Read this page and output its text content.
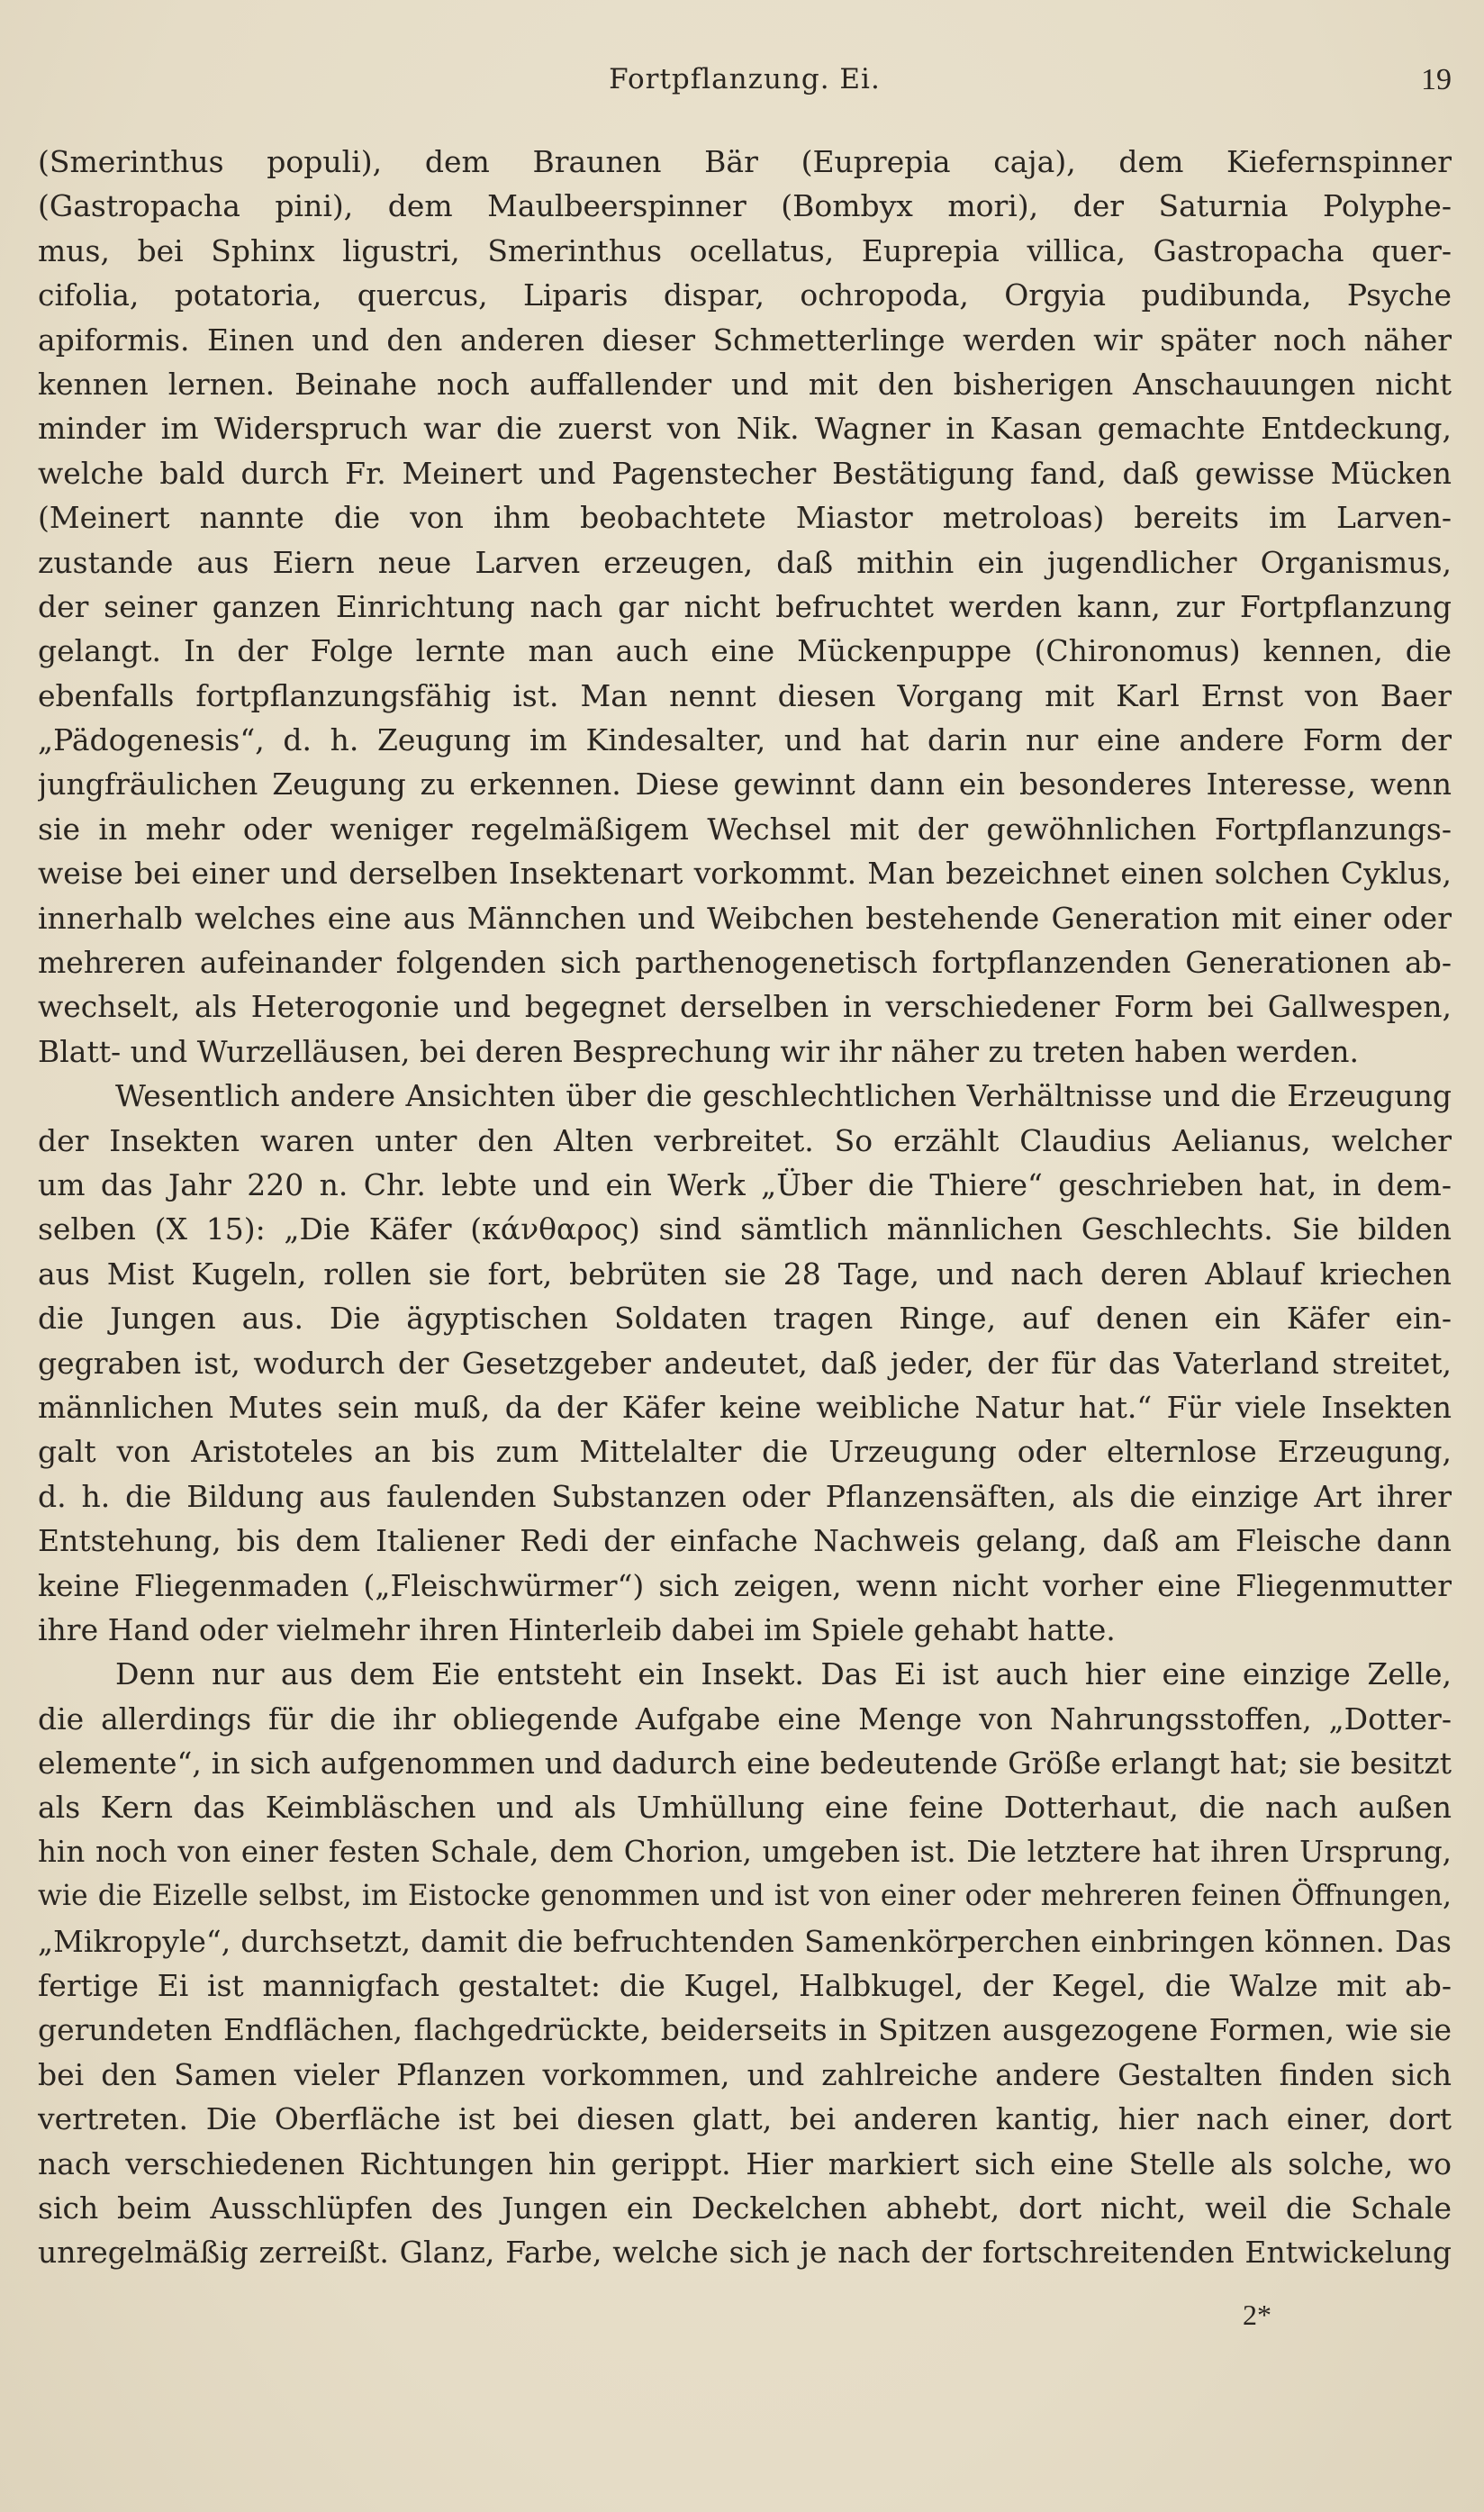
Fortpflanzung. Ei.	19
(Smerinthus populi), dem Braunen Bär (Euprepia caja), dem Kiefernspinner
(Gastropacha pini), dem Maulbeerspinner (Bombyx mori), der Saturnia Polyphe-
mus, bei Sphinx ligustri, Smerinthus ocellatus, Euprepia villica, Gastropacha quer-
cifolia, potatoria, quercus, Liparis dispar, ochropoda, Orgyia pudibunda, Psyche
apiformis. Einen und den anderen dieser Schmetterlinge werden wir später noch näher
kennen lernen. Beinahe noch auffallender und mit den bisherigen Anschauungen nicht
minder im Widerspruch war die zuerst von Nik. Wagner in Kasan gemachte Entdeckung,
welche bald durch Fr. Meinert und Pagenstecher Bestätigung fand, daß gewisse Mücken
(Meinert nannte die von ihm beobachtete Miastor metroloas) bereits im Larven-
zustande aus Eiern neue Larven erzeugen, daß mithin ein jugendlicher Organismus,
der seiner ganzen Einrichtung nach gar nicht befruchtet werden kann, zur Fortpflanzung
gelangt. In der Folge lernte man auch eine Mückenpuppe (Chironomus) kennen, die
ebenfalls fortpflanzungsfähig ist. Man nennt diesen Vorgang mit Karl Ernst von Baer
„Pädogenesis“, d. h. Zeugung im Kindesalter, und hat darin nur eine andere Form der
jungfräulichen Zeugung zu erkennen. Diese gewinnt dann ein besonderes Interesse, wenn
sie in mehr oder weniger regelmäßigem Wechsel mit der gewöhnlichen Fortpflanzungs-
weise bei einer und derselben Insektenart vorkommt. Man bezeichnet einen solchen Cyklus,
innerhalb welches eine aus Männchen und Weibchen bestehende Generation mit einer oder
mehreren aufeinander folgenden sich parthenogenetisch fortpflanzenden Generationen ab-
wechselt, als Heterogonie und begegnet derselben in verschiedener Form bei Gallwespen,
Blatt- und Wurzelläusen, bei deren Besprechung wir ihr näher zu treten haben werden.
Wesentlich andere Ansichten über die geschlechtlichen Verhältnisse und die Erzeugung
der Insekten waren unter den Alten verbreitet. So erzählt Claudius Aelianus, welcher
um das Jahr 220 n. Chr. lebte und ein Werk „Über die Thiere“ geschrieben hat, in dem-
selben (X 15): „Die Käfer (κάνθαρος) sind sämtlich männlichen Geschlechts. Sie bilden
aus Mist Kugeln, rollen sie fort, bebrüten sie 28 Tage, und nach deren Ablauf kriechen
die Jungen aus. Die ägyptischen Soldaten tragen Ringe, auf denen ein Käfer ein-
gegraben ist, wodurch der Gesetzgeber andeutet, daß jeder, der für das Vaterland streitet,
männlichen Mutes sein muß, da der Käfer keine weibliche Natur hat.“ Für viele Insekten
galt von Aristoteles an bis zum Mittelalter die Urzeugung oder elternlose Erzeugung,
d. h. die Bildung aus faulenden Substanzen oder Pflanzensäften, als die einzige Art ihrer
Entstehung, bis dem Italiener Redi der einfache Nachweis gelang, daß am Fleische dann
keine Fliegenmaden („Fleischwürmer“) sich zeigen, wenn nicht vorher eine Fliegenmutter
ihre Hand oder vielmehr ihren Hinterleib dabei im Spiele gehabt hatte.
Denn nur aus dem Eie entsteht ein Insekt. Das Ei ist auch hier eine einzige Zelle,
die allerdings für die ihr obliegende Aufgabe eine Menge von Nahrungsstoffen, „Dotter-
elemente“, in sich aufgenommen und dadurch eine bedeutende Größe erlangt hat; sie besitzt
als Kern das Keimbläschen und als Umhüllung eine feine Dotterhaut, die nach außen
hin noch von einer festen Schale, dem Chorion, umgeben ist. Die letztere hat ihren Ursprung,
wie die Eizelle selbst, im Eistocke genommen und ist von einer oder mehreren feinen Öffnungen,
„Mikropyle“, durchsetzt, damit die befruchtenden Samenkörperchen einbringen können. Das
fertige Ei ist mannigfach gestaltet: die Kugel, Halbkugel, der Kegel, die Walze mit ab-
gerundeten Endflächen, flachgedrückte, beiderseits in Spitzen ausgezogene Formen, wie sie
bei den Samen vieler Pflanzen vorkommen, und zahlreiche andere Gestalten finden sich
vertreten. Die Oberfläche ist bei diesen glatt, bei anderen kantig, hier nach einer, dort
nach verschiedenen Richtungen hin gerippt. Hier markiert sich eine Stelle als solche, wo
sich beim Ausschlüpfen des Jungen ein Deckelchen abhebt, dort nicht, weil die Schale
unregelmäßig zerreißt. Glanz, Farbe, welche sich je nach der fortschreitenden Entwickelung
2*
